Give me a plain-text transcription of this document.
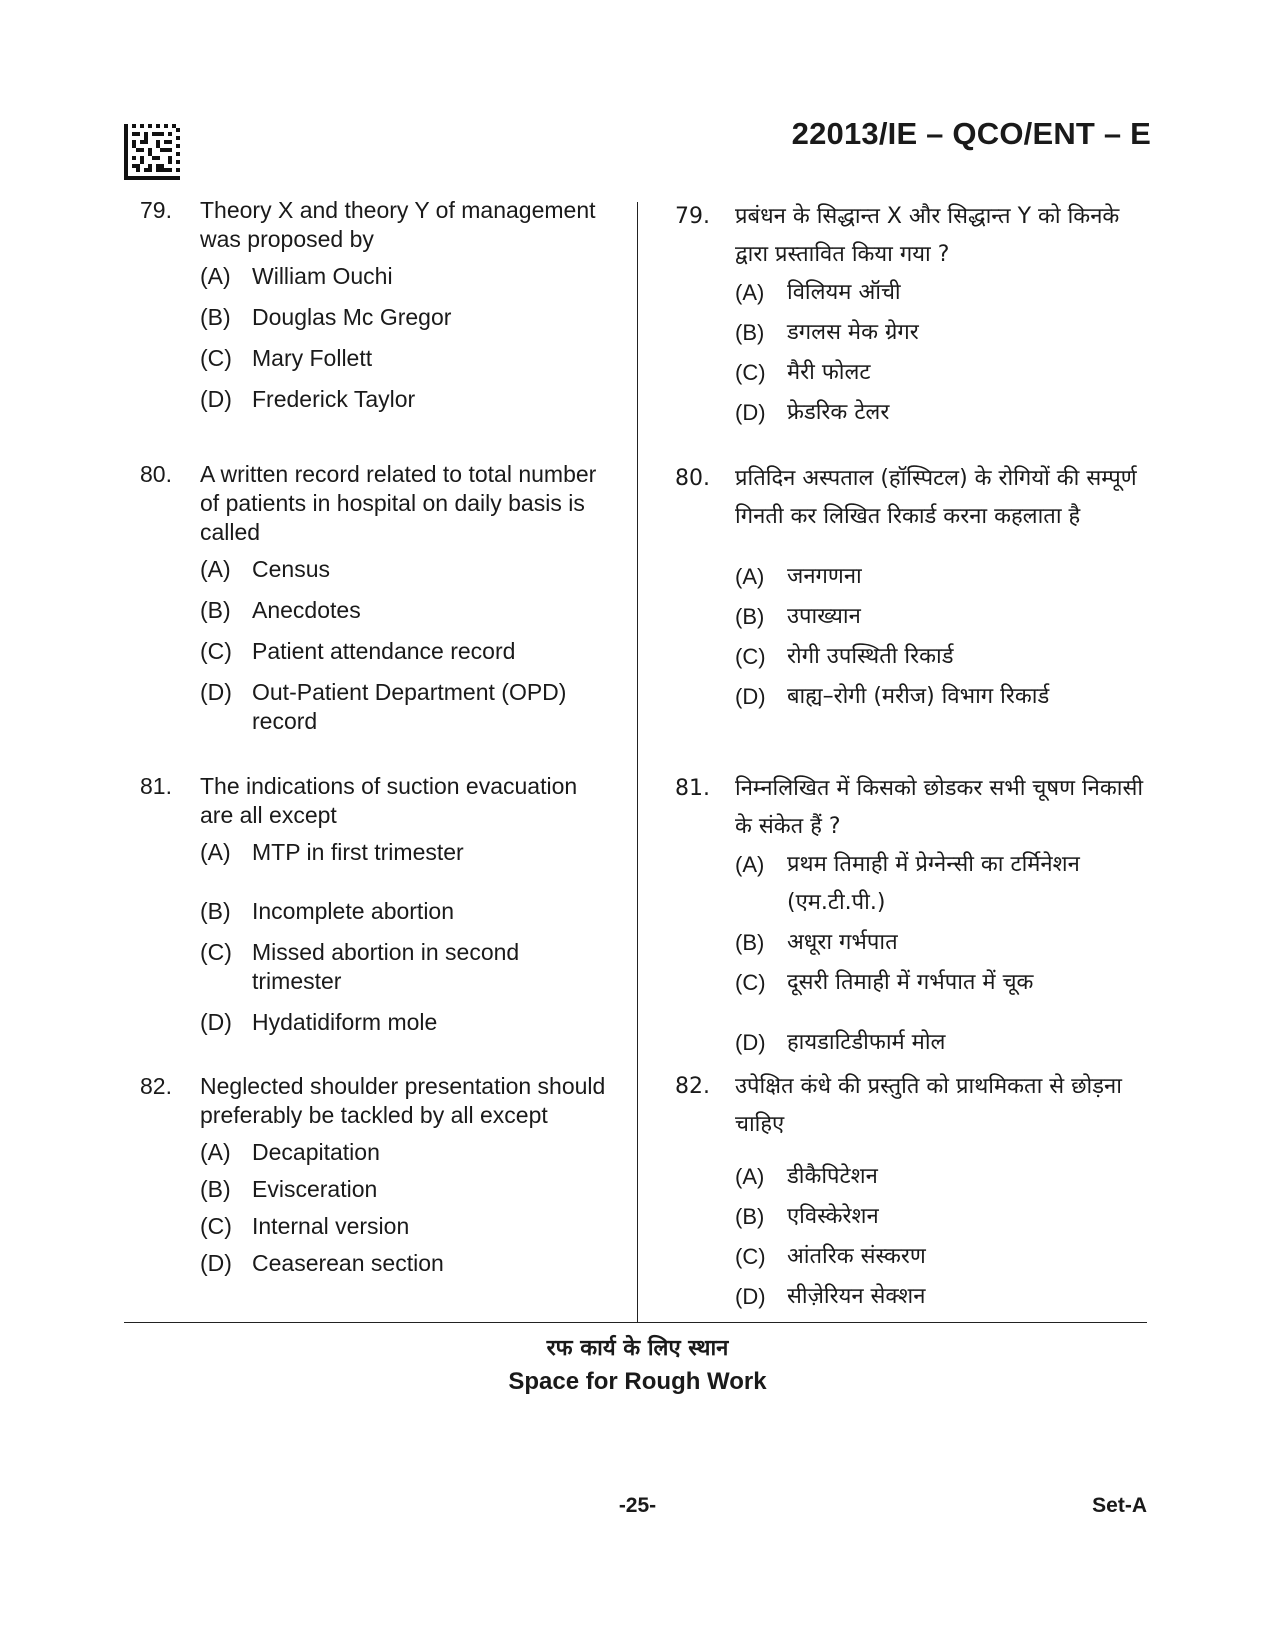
22013/IE – QCO/ENT – E
79.	Theory X and theory Y of management was proposed by
(A) William Ouchi
(B) Douglas Mc Gregor
(C) Mary Follett
(D) Frederick Taylor
80.	A written record related to total number of patients in hospital on daily basis is called
(A) Census
(B) Anecdotes
(C) Patient attendance record
(D) Out-Patient Department (OPD) record
81.	The indications of suction evacuation are all except
(A) MTP in first trimester
(B) Incomplete abortion
(C) Missed abortion in second trimester
(D) Hydatidiform mole
82.	Neglected shoulder presentation should preferably be tackled by all except
(A) Decapitation
(B) Evisceration
(C) Internal version
(D) Ceaserean section
79.	प्रबंधन के सिद्धान्त X और सिद्धान्त Y को किनके द्वारा प्रस्तावित किया गया ?
(A)	विलियम ऑची
(B)	डगलस मेक ग्रेगर
(C) मैरी फोलट
(D) फ्रेडरिक टेलर
80.	प्रतिदिन अस्पताल (हॉस्पिटल) के रोगियों की सम्पूर्ण गिनती कर लिखित रिकार्ड करना कहलाता है
(A)	जनगणना
(B)	उपाख्यान
(C) रोगी उपस्थिती रिकार्ड
(D) बाह्य–रोगी (मरीज) विभाग रिकार्ड
81.	निम्नलिखित में किसको छोडकर सभी चूषण निकासी के संकेत हैं ?
(A)	प्रथम तिमाही में प्रेग्नेन्सी का टर्मिनेशन (एम.टी.पी.)
(B)	अधूरा गर्भपात
(C) दूसरी तिमाही में गर्भपात में चूक
(D) हायडाटिडीफार्म मोल
82.	उपेक्षित कंधे की प्रस्तुति को प्राथमिकता से छोड़ना चाहिए
(A)	डीकैपिटेशन
(B)	एविस्केरेशन
(C) आंतरिक संस्करण
(D) सीज़ेरियन सेक्शन
रफ कार्य के लिए स्थान
Space for Rough Work
-25-	Set-A
